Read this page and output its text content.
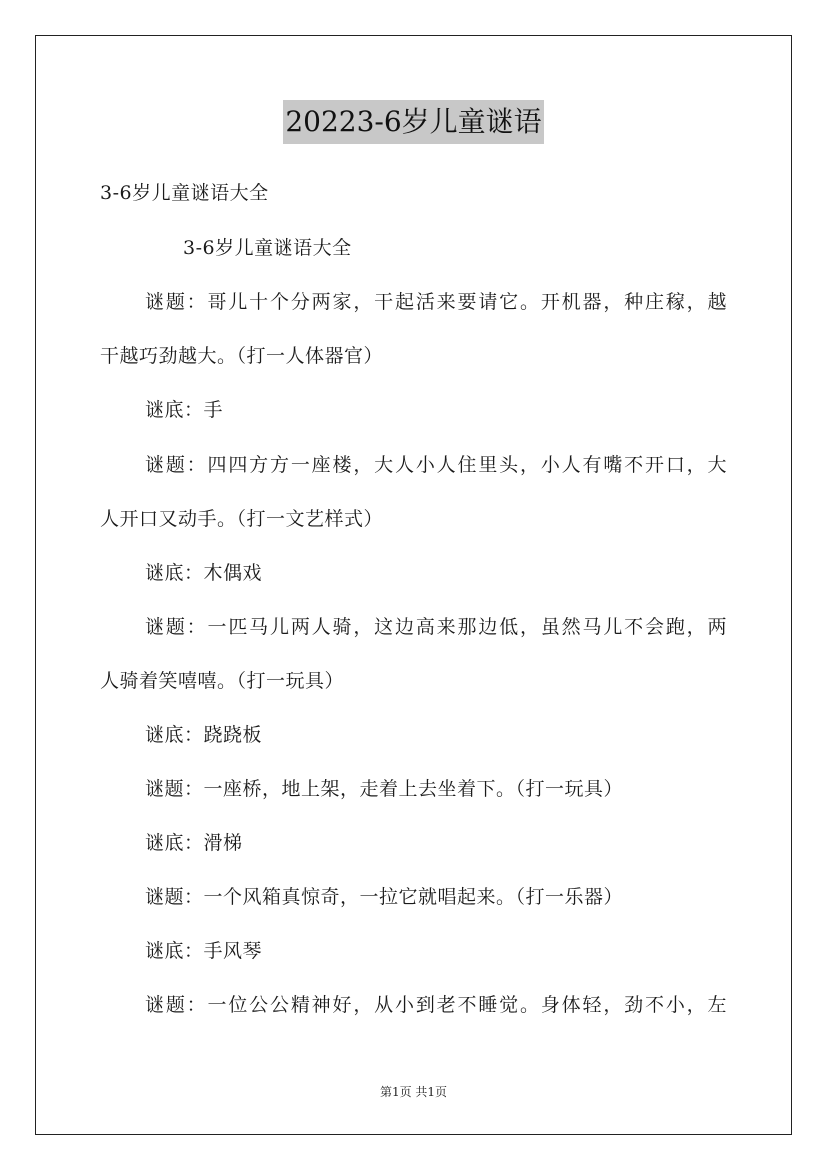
20223-6岁儿童谜语
3-6岁儿童谜语大全
3-6岁儿童谜语大全
谜题：哥儿十个分两家，干起活来要请它。开机器，种庄稼，越
干越巧劲越大。（打一人体器官）
谜底：手
谜题：四四方方一座楼，大人小人住里头，小人有嘴不开口，大
人开口又动手。（打一文艺样式）
谜底：木偶戏
谜题：一匹马儿两人骑，这边高来那边低，虽然马儿不会跑，两
人骑着笑嘻嘻。（打一玩具）
谜底：跷跷板
谜题：一座桥，地上架，走着上去坐着下。（打一玩具）
谜底：滑梯
谜题：一个风箱真惊奇，一拉它就唱起来。（打一乐器）
谜底：手风琴
谜题：一位公公精神好，从小到老不睡觉。身体轻，劲不小，左
第1页 共1页
